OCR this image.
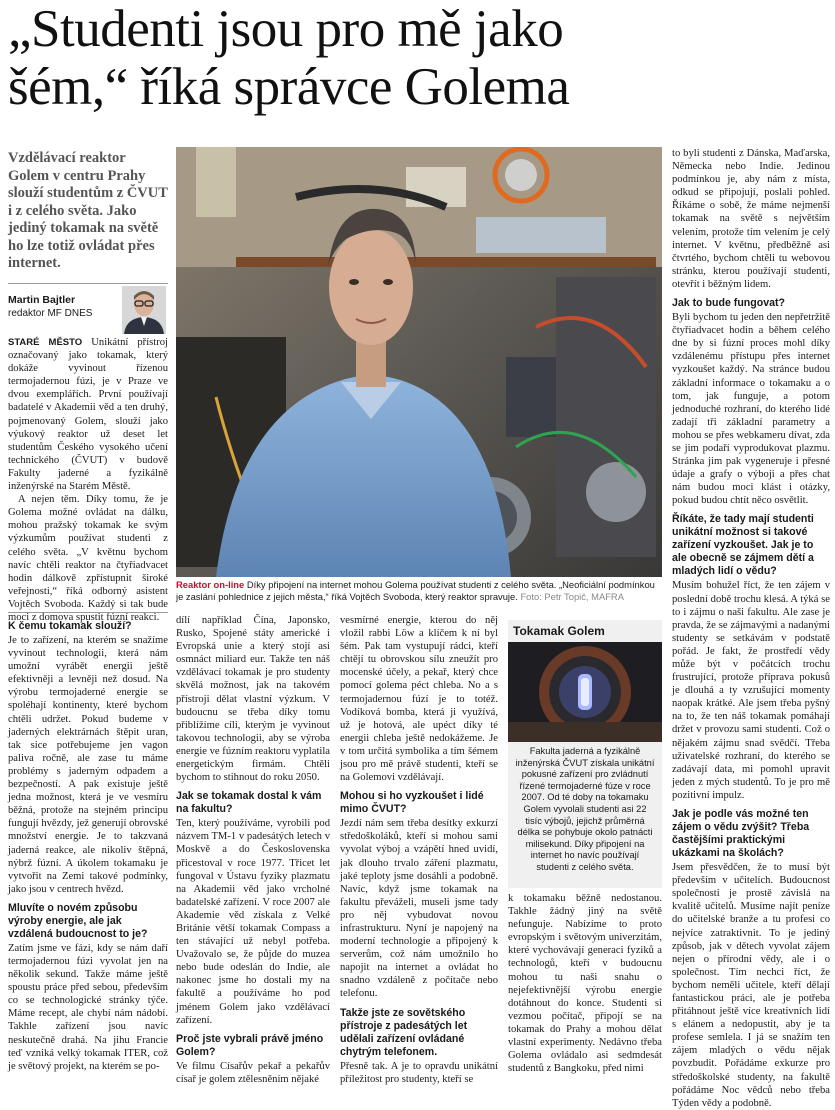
„Studenti jsou pro mě jako
šém,“ říká správce Golema
Vzdělávací reaktor Golem v centru Prahy slouží studentům z ČVUT i z celého světa. Jako jediný tokamak na světě ho lze totiž ovládat přes internet.
Martin Bajtler
redaktor MF DNES

STARÉ MĚSTO Unikátní přístroj označovaný jako tokamak, který dokáže vyvinout řízenou termojadernou fúzi, je v Praze ve dvou exemplářích. První používají badatelé v Akademii věd a ten druhý, pojmenovaný Golem, slouží jako výukový reaktor už deset let studentům Českého vysokého učení technického (ČVUT) v budově Fakulty jaderné a fyzikálně inženýrské na Starém Městě.

A nejen těm. Díky tomu, že je Golema možné ovládat na dálku, mohou pražský tokamak ke svým výzkumům používat studenti z celého světa. „V květnu bychom navíc chtěli reaktor na čtyřiadvacet hodin dálkově zpřístupnit široké veřejnosti,“ říká odborný asistent Vojtěch Svoboda. Každý si tak bude moci z domova spustit fúzní reakci.

K čemu tokamak slouží?

Je to zařízení, na kterém se snažíme vyvinout technologii, která nám umožní vyrábět energii ještě efektivněji a levněji než dosud. Na výrobu termojaderné energie se spoléhají kontinenty, které bychom chtěli udržet. Pokud budeme v jaderných elektrárnách štěpit uran, tak sice potřebujeme jen vagon paliva ročně, ale zase tu máme problémy s jaderným odpadem a bezpečností. A pak existuje ještě jedna možnost, která je ve vesmíru běžná, protože na stejném principu fungují hvězdy, jež generují obrovské množství energie. Je to takzvaná jaderná reakce, ale nikoliv štěpná, nýbrž fúzní. A úkolem tokamaku je vytvořit na Zemi takové podmínky, jako jsou v centrech hvězd.

Mluvíte o novém způsobu výroby energie, ale jak vzdálená budoucnost to je?

Zatím jsme ve fázi, kdy se nám daří termojadernou fúzi vyvolat jen na několik sekund. Takže máme ještě spoustu práce před sebou, především co se technologické stránky týče. Máme recept, ale chybí nám nádobí. Takhle zařízení jsou navíc neskutečně drahá. Na jihu Francie teď vzniká velký tokamak ITER, což je světový projekt, na kterém se po-

Reaktor on-line Díky připojení na internet mohou Golema používat studenti z celého světa. „Neoficiální podmínkou je zaslání pohlednice z jejich města,“ říká Vojtěch Svoboda, který reaktor spravuje. Foto: Petr Topič, MAFRA

dílí například Čína, Japonsko, Rusko, Spojené státy americké i Evropská unie a který stojí asi osmnáct miliard eur. Takže ten náš vzdělávací tokamak je pro studenty skvělá možnost, jak na takovém přístroji dělat vlastní výzkum. V budoucnu se třeba díky tomu přiblížíme cíli, kterým je vyvinout takovou technologii, aby se výroba energie ve fúzním reaktoru vyplatila energetickým firmám. Chtěli bychom to stihnout do roku 2050.

Jak se tokamak dostal k vám na fakultu?

Ten, který používáme, vyrobili pod názvem TM-1 v padesátých letech v Moskvě a do Československa přicestoval v roce 1977. Třicet let fungoval v Ústavu fyziky plazmatu na Akademii věd jako vrcholné badatelské zařízení. V roce 2007 ale Akademie věd získala z Velké Británie větší tokamak Compass a ten stávající už nebyl potřeba. Uvažovalo se, že půjde do muzea nebo bude odeslán do Indie, ale nakonec jsme ho dostali my na fakultě a používáme ho pod jménem Golem jako vzdělávací zařízení.

Proč jste vybrali právě jméno Golem?

Ve filmu Císařův pekař a pekařův císař je golem ztělesněním nějaké

vesmírné energie, kterou do něj vložil rabbi Löw a klíčem k ní byl šém. Pak tam vystupují rádci, kteří chtějí tu obrovskou sílu zneužít pro mocenské účely, a pekař, který chce pomocí golema péct chleba. No a s termojadernou fúzí je to totéž. Vodíková bomba, která ji využívá, už je hotová, ale upéct díky té energii chleba ještě nedokážeme. Je v tom určitá symbolika a tím šémem jsou pro mě právě studenti, kteří se na Golemovi vzdělávají.

Mohou si ho vyzkoušet i lidé mimo ČVUT?

Jezdí nám sem třeba desítky exkurzí středoškoláků, kteří si mohou sami vyvolat výboj a vzápětí hned uvidí, jak dlouho trvalo záření plazmatu, jaké teploty jsme dosáhli a podobně. Navíc, když jsme tokamak na fakultu převáželi, museli jsme tady pro něj vybudovat novou infrastrukturu. Nyní je napojený na moderní technologie a připojený k serverům, což nám umožnilo ho napojit na internet a ovládat ho snadno vzdáleně z počítače nebo telefonu.

Takže jste ze sovětského přístroje z padesátých let udělali zařízení ovládané chytrým telefonem.

Přesně tak. A je to opravdu unikátní příležitost pro studenty, kteří se

Tokamak Golem
Fakulta jaderná a fyzikálně inženýrská ČVUT získala unikátní pokusné zařízení pro zvládnutí řízené termojaderné fúze v roce 2007. Od té doby na tokamaku Golem vyvolali studenti asi 22 tisíc výbojů, jejichž průměrná délka se pohybuje okolo patnácti milisekund. Díky připojení na internet ho navíc používají studenti z celého světa.

k tokamaku běžně nedostanou. Takhle žádný jiný na světě nefunguje. Nabízíme to proto evropským i světovým univerzitám, které vychovávají generaci fyziků a technologů, kteří v budoucnu mohou tu naši snahu o nejefektivnější výrobu energie dotáhnout do konce. Studenti si vezmou počítač, připojí se na tokamak do Prahy a mohou dělat vlastní experimenty. Nedávno třeba Golema ovládalo asi sedmdesát studentů z Bangkoku, před nimi

to byli studenti z Dánska, Maďarska, Německa nebo Indie. Jedinou podmínkou je, aby nám z místa, odkud se připojují, poslali pohled. Říkáme o sobě, že máme nejmenší tokamak na světě s největším velením, protože tím velením je celý internet. V květnu, předběžně asi čtvrtého, bychom chtěli tu webovou stránku, kterou používají studenti, otevřít i běžným lidem.

Jak to bude fungovat?

Byli bychom tu jeden den nepřetržitě čtyřiadvacet hodin a během celého dne by si fúzní proces mohl díky vzdálenému přístupu přes internet vyzkoušet každý. Na stránce budou základní informace o tokamaku a o tom, jak funguje, a potom jednoduché rozhraní, do kterého lidé zadají tři základní parametry a mohou se přes webkameru dívat, zda se jim podaří vyprodukovat plazmu. Stránka jim pak vygeneruje i přesné údaje a grafy o výboji a přes chat nám budou moci klást i otázky, pokud budou chtít něco osvětlit.

Říkáte, že tady mají studenti unikátní možnost si takové zařízení vyzkoušet. Jak je to ale obecně se zájmem dětí a mladých lidí o vědu?

Musím bohužel říct, že ten zájem v poslední době trochu klesá. A týká se to i zájmu o naši fakultu. Ale zase je pravda, že se zájmavými a nadanými studenty se setkávám v podstatě pořád. Je fakt, že prostředí vědy může být v počátcích trochu frustrující, protože příprava pokusů je dlouhá a ty vzrušující momenty naopak krátké. Ale jsem třeba pyšný na to, že ten náš tokamak pomáhají držet v provozu sami studenti. Což o nějakém zájmu snad svědčí. Třeba uživatelské rozhraní, do kterého se zadávají data, mi pomohl upravit jeden z mých studentů. To je pro mě pozitivní impulz.

Jak je podle vás možné ten zájem o vědu zvýšit? Třeba častějšími praktickými ukázkami na školách?

Jsem přesvědčen, že to musí být především v učitelích. Budoucnost společnosti je prostě závislá na kvalitě učitelů. Musíme najít peníze do učitelské branže a tu profesi co nejvíce zatraktivnit. To je jediný způsob, jak v dětech vyvolat zájem nejen o přírodní vědy, ale i o společnost. Tím nechci říct, že bychom neměli učitele, kteří dělají fantastickou práci, ale je potřeba přitáhnout ještě více kreativních lidí s elánem a nedopustit, aby je ta profese semlela. I já se snažím ten zájem mladých o vědu nějak povzbudit. Pořádáme exkurze pro středoškolské studenty, na fakultě pořádáme Noc vědců nebo třeba Týden vědy a podobně.
